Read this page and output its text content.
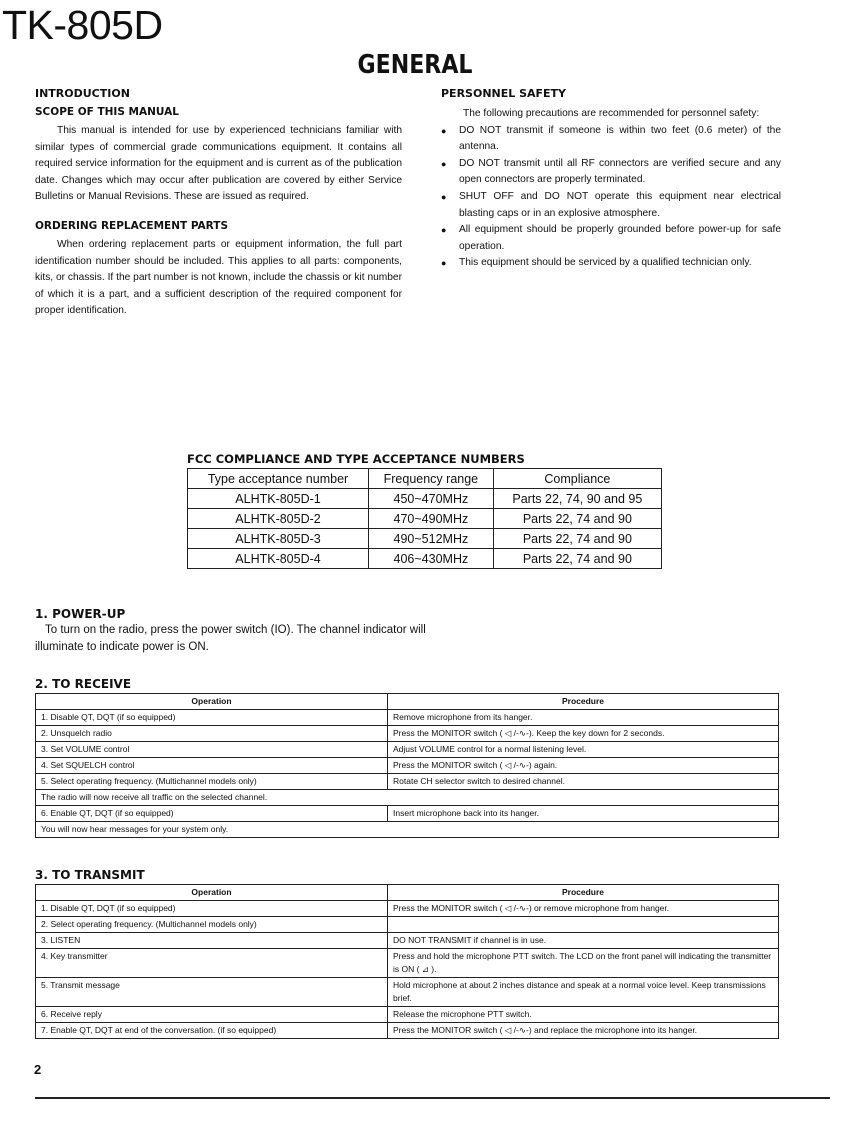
TK-805D
GENERAL
INTRODUCTION
SCOPE OF THIS MANUAL

This manual is intended for use by experienced technicians familiar with similar types of commercial grade communications equipment. It contains all required service information for the equipment and is current as of the publication date. Changes which may occur after publication are covered by either Service Bulletins or Manual Revisions. These are issued as required.

ORDERING REPLACEMENT PARTS

When ordering replacement parts or equipment information, the full part identification number should be included. This applies to all parts: components, kits, or chassis. If the part number is not known, include the chassis or kit number of which it is a part, and a sufficient description of the required component for proper identification.

PERSONNEL SAFETY

The following precautions are recommended for personnel safety:

● DO NOT transmit if someone is within two feet (0.6 meter) of the antenna.
● DO NOT transmit until all RF connectors are verified secure and any open connectors are properly terminated.
● SHUT OFF and DO NOT operate this equipment near electrical blasting caps or in an explosive atmosphere.
● All equipment should be properly grounded before power-up for safe operation.
● This equipment should be serviced by a qualified technician only.
FCC COMPLIANCE AND TYPE ACCEPTANCE NUMBERS
Type acceptance number	Frequency range	Compliance
ALHTK-805D-1	450~470MHz	Parts 22, 74, 90 and 95
ALHTK-805D-2	470~490MHz	Parts 22, 74 and 90
ALHTK-805D-3	490~512MHz	Parts 22, 74 and 90
ALHTK-805D-4	406~430MHz	Parts 22, 74 and 90
1. POWER-UP

To turn on the radio, press the power switch (IO). The channel indicator will illuminate to indicate power is ON.

2. TO RECEIVE
Operation	Procedure
1. Disable QT, DQT (if so equipped)	Remove microphone from its hanger.
2. Unsquelch radio	Press the MONITOR switch ( ◁ /-∿-). Keep the key down for 2 seconds.
3. Set VOLUME control	Adjust VOLUME control for a normal listening level.
4. Set SQUELCH control	Press the MONITOR switch ( ◁ /-∿-) again.
5. Select operating frequency. (Multichannel models only)	Rotate CH selector switch to desired channel.
The radio will now receive all traffic on the selected channel.	
6. Enable QT, DQT (if so equipped)	Insert microphone back into its hanger.
You will now hear messages for your system only.	
3. TO TRANSMIT
Operation	Procedure
1. Disable QT, DQT (if so equipped)	Press the MONITOR switch ( ◁ /-∿-) or remove microphone from hanger.
2. Select operating frequency. (Multichannel models only)	
3. LISTEN	DO NOT TRANSMIT if channel is in use.
4. Key transmitter	Press and hold the microphone PTT switch. The LCD on the front panel will indicating the transmitter is ON ( ⊿ ).
5. Transmit message	Hold microphone at about 2 inches distance and speak at a normal voice level. Keep transmissions brief.
6. Receive reply	Release the microphone PTT switch.
7. Enable QT, DQT at end of the conversation. (if so equipped)	Press the MONITOR switch ( ◁ /-∿-) and replace the microphone into its hanger.
2
